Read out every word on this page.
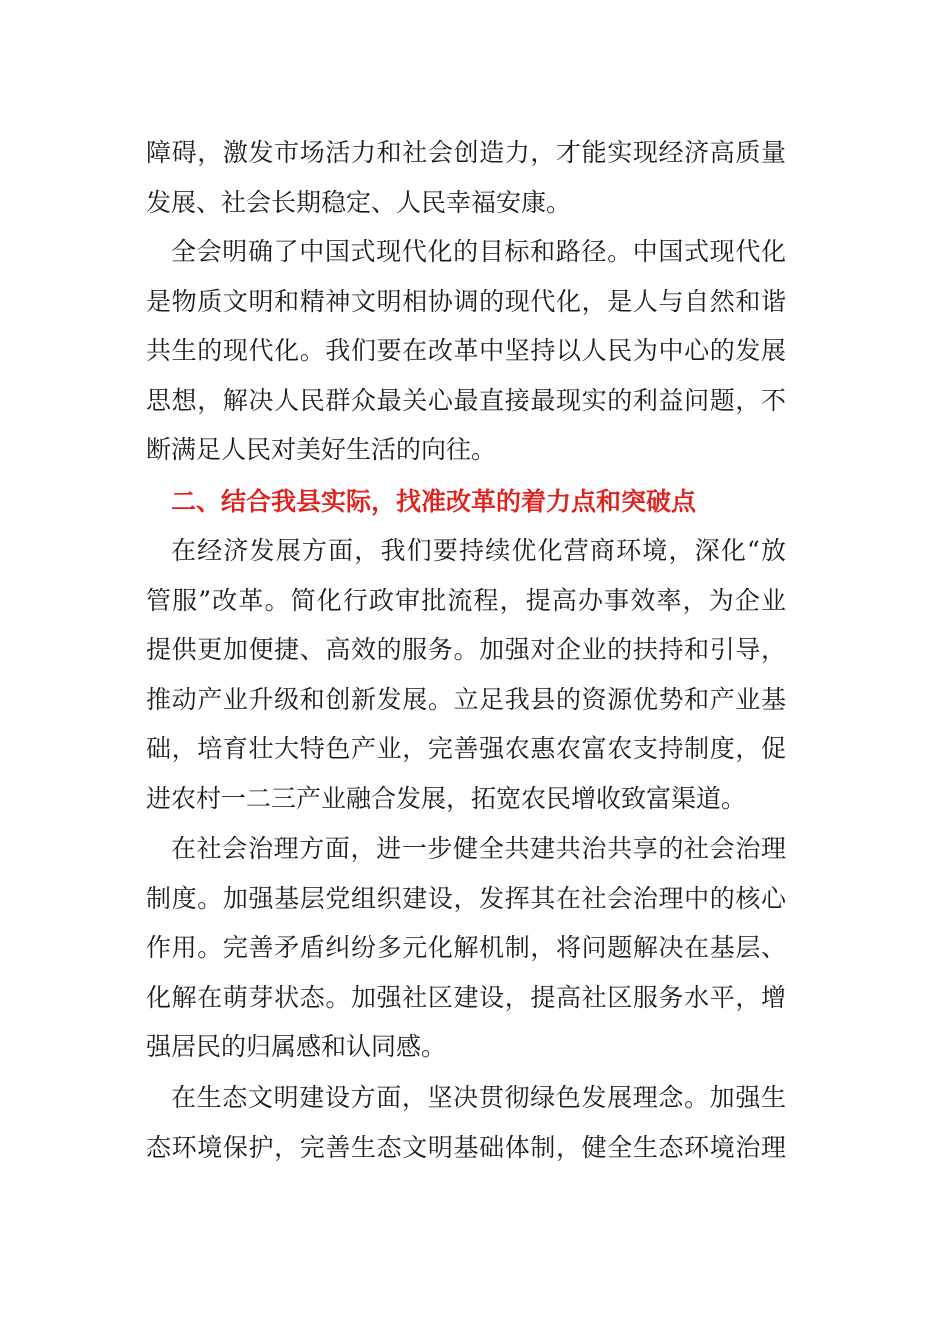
障碍，激发市场活力和社会创造力，才能实现经济高质量
发展、社会长期稳定、人民幸福安康。
全会明确了中国式现代化的目标和路径。中国式现代化
是物质文明和精神文明相协调的现代化，是人与自然和谐
共生的现代化。我们要在改革中坚持以人民为中心的发展
思想，解决人民群众最关心最直接最现实的利益问题，不
断满足人民对美好生活的向往。
二、结合我县实际，找准改革的着力点和突破点
在经济发展方面，我们要持续优化营商环境，深化“放
管服”改革。简化行政审批流程，提高办事效率，为企业
提供更加便捷、高效的服务。加强对企业的扶持和引导，
推动产业升级和创新发展。立足我县的资源优势和产业基
础，培育壮大特色产业，完善强农惠农富农支持制度，促
进农村一二三产业融合发展，拓宽农民增收致富渠道。
在社会治理方面，进一步健全共建共治共享的社会治理
制度。加强基层党组织建设，发挥其在社会治理中的核心
作用。完善矛盾纠纷多元化解机制，将问题解决在基层、
化解在萌芽状态。加强社区建设，提高社区服务水平，增
强居民的归属感和认同感。
在生态文明建设方面，坚决贯彻绿色发展理念。加强生
态环境保护，完善生态文明基础体制，健全生态环境治理
